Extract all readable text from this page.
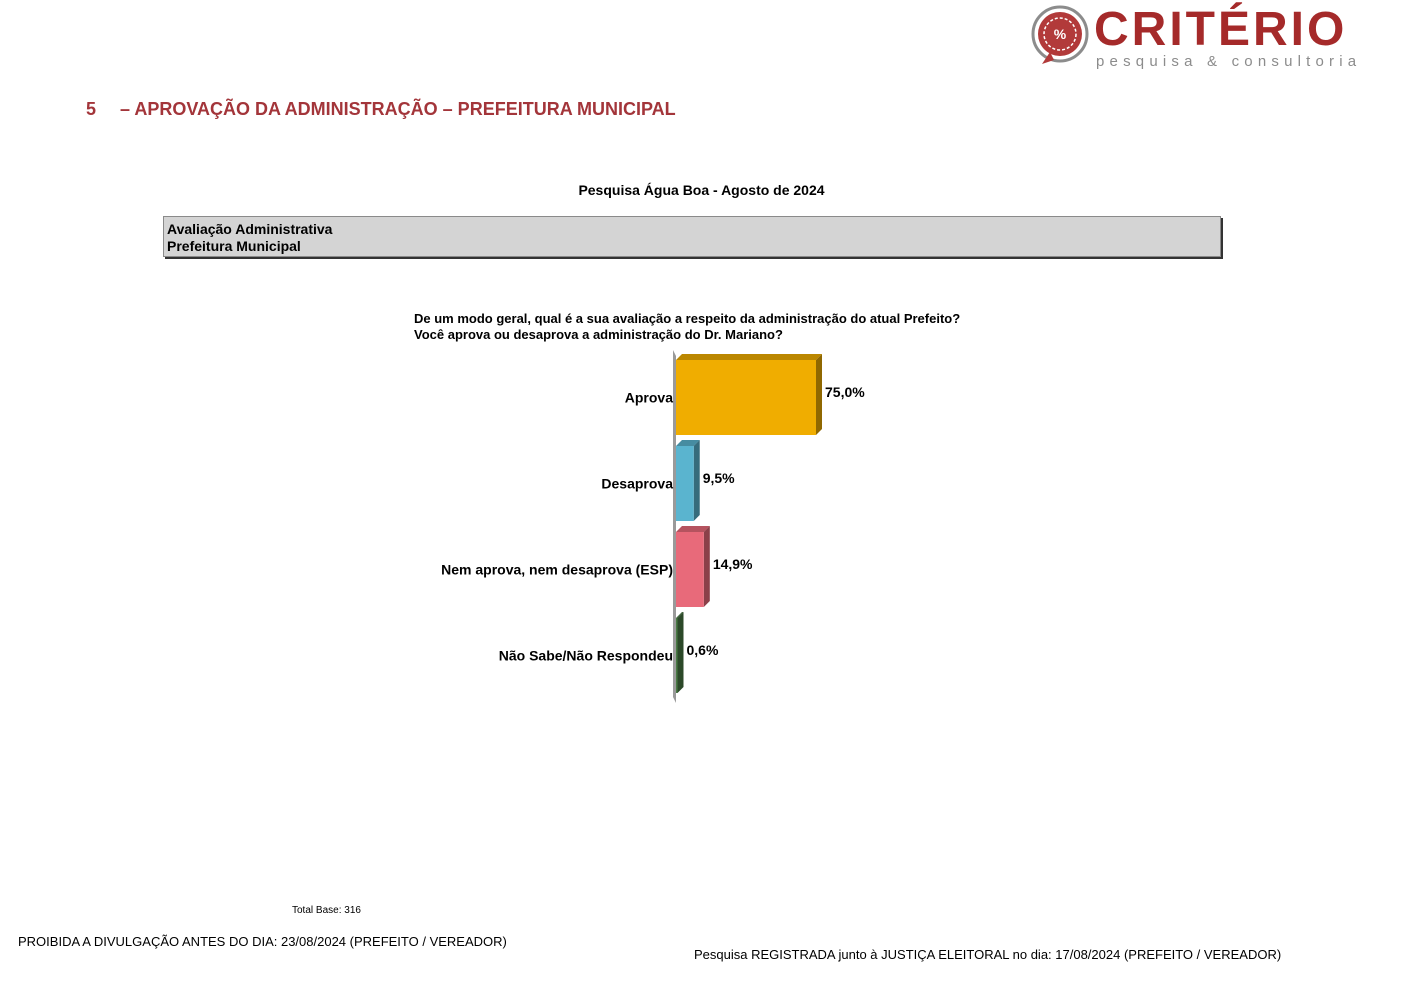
% CRITÉRIO
pesquisa & consultoria
5 – APROVAÇÃO DA ADMINISTRAÇÃO – PREFEITURA MUNICIPAL
Pesquisa Água Boa - Agosto de 2024
Avaliação Administrativa
Prefeitura Municipal
De um modo geral, qual é a sua avaliação a respeito da administração do atual Prefeito?
Você aprova ou desaprova a administração do Dr. Mariano?
Aprova	75,0%
Desaprova 9,5%
Nem aprova, nem desaprova (ESP)	14,9%
Não Sabe/Não Respondeu 0,6%
Total Base: 316
PROIBIDA A DIVULGAÇÃO ANTES DO DIA: 23/08/2024 (PREFEITO / VEREADOR)
Pesquisa REGISTRADA junto à JUSTIÇA ELEITORAL no dia: 17/08/2024 (PREFEITO / VEREADOR)
